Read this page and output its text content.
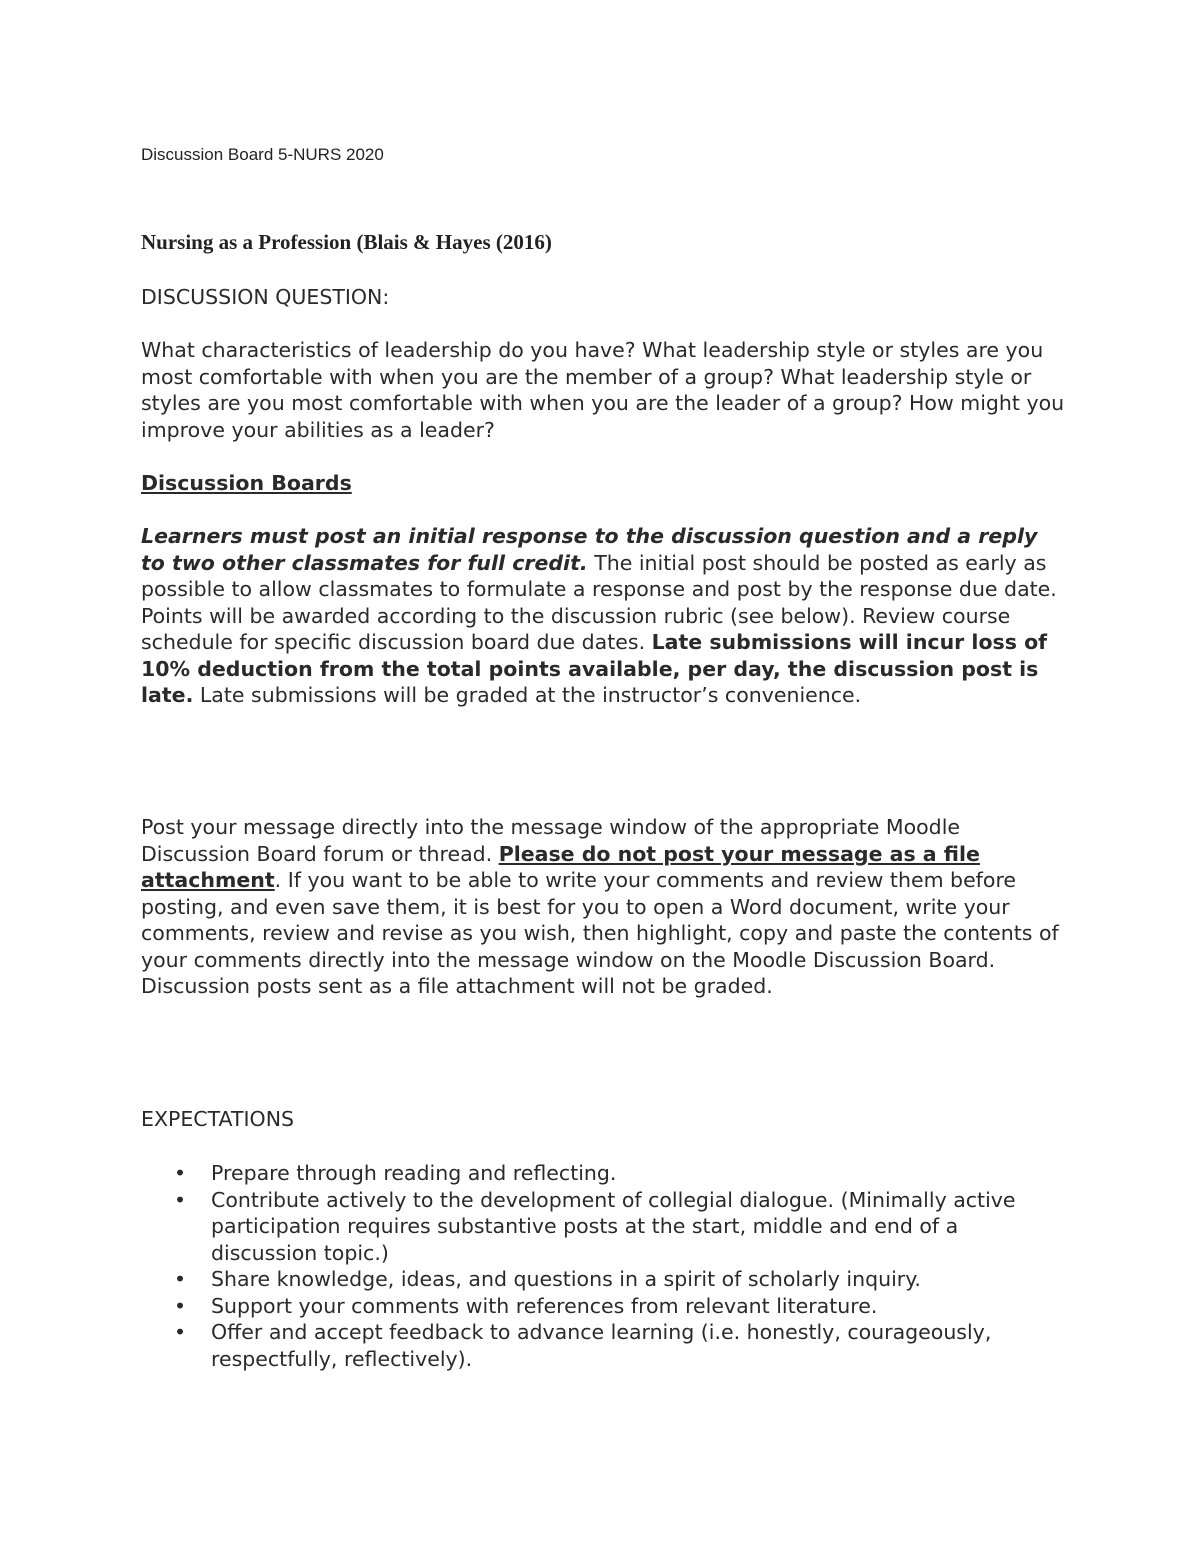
Discussion Board 5-NURS 2020
Nursing as a Profession (Blais & Hayes (2016)
DISCUSSION QUESTION:
What characteristics of leadership do you have? What leadership style or styles are you most comfortable with when you are the member of a group? What leadership style or styles are you most comfortable with when you are the leader of a group? How might you improve your abilities as a leader?
Discussion Boards
Learners must post an initial response to the discussion question and a reply to two other classmates for full credit. The initial post should be posted as early as possible to allow classmates to formulate a response and post by the response due date. Points will be awarded according to the discussion rubric (see below). Review course schedule for specific discussion board due dates. Late submissions will incur loss of 10% deduction from the total points available, per day, the discussion post is late. Late submissions will be graded at the instructor’s convenience.
Post your message directly into the message window of the appropriate Moodle Discussion Board forum or thread. Please do not post your message as a file attachment. If you want to be able to write your comments and review them before posting, and even save them, it is best for you to open a Word document, write your comments, review and revise as you wish, then highlight, copy and paste the contents of your comments directly into the message window on the Moodle Discussion Board. Discussion posts sent as a file attachment will not be graded.
EXPECTATIONS
• Prepare through reading and reflecting.
• Contribute actively to the development of collegial dialogue. (Minimally active participation requires substantive posts at the start, middle and end of a discussion topic.)
• Share knowledge, ideas, and questions in a spirit of scholarly inquiry.
• Support your comments with references from relevant literature.
• Offer and accept feedback to advance learning (i.e. honestly, courageously, respectfully, reflectively).
